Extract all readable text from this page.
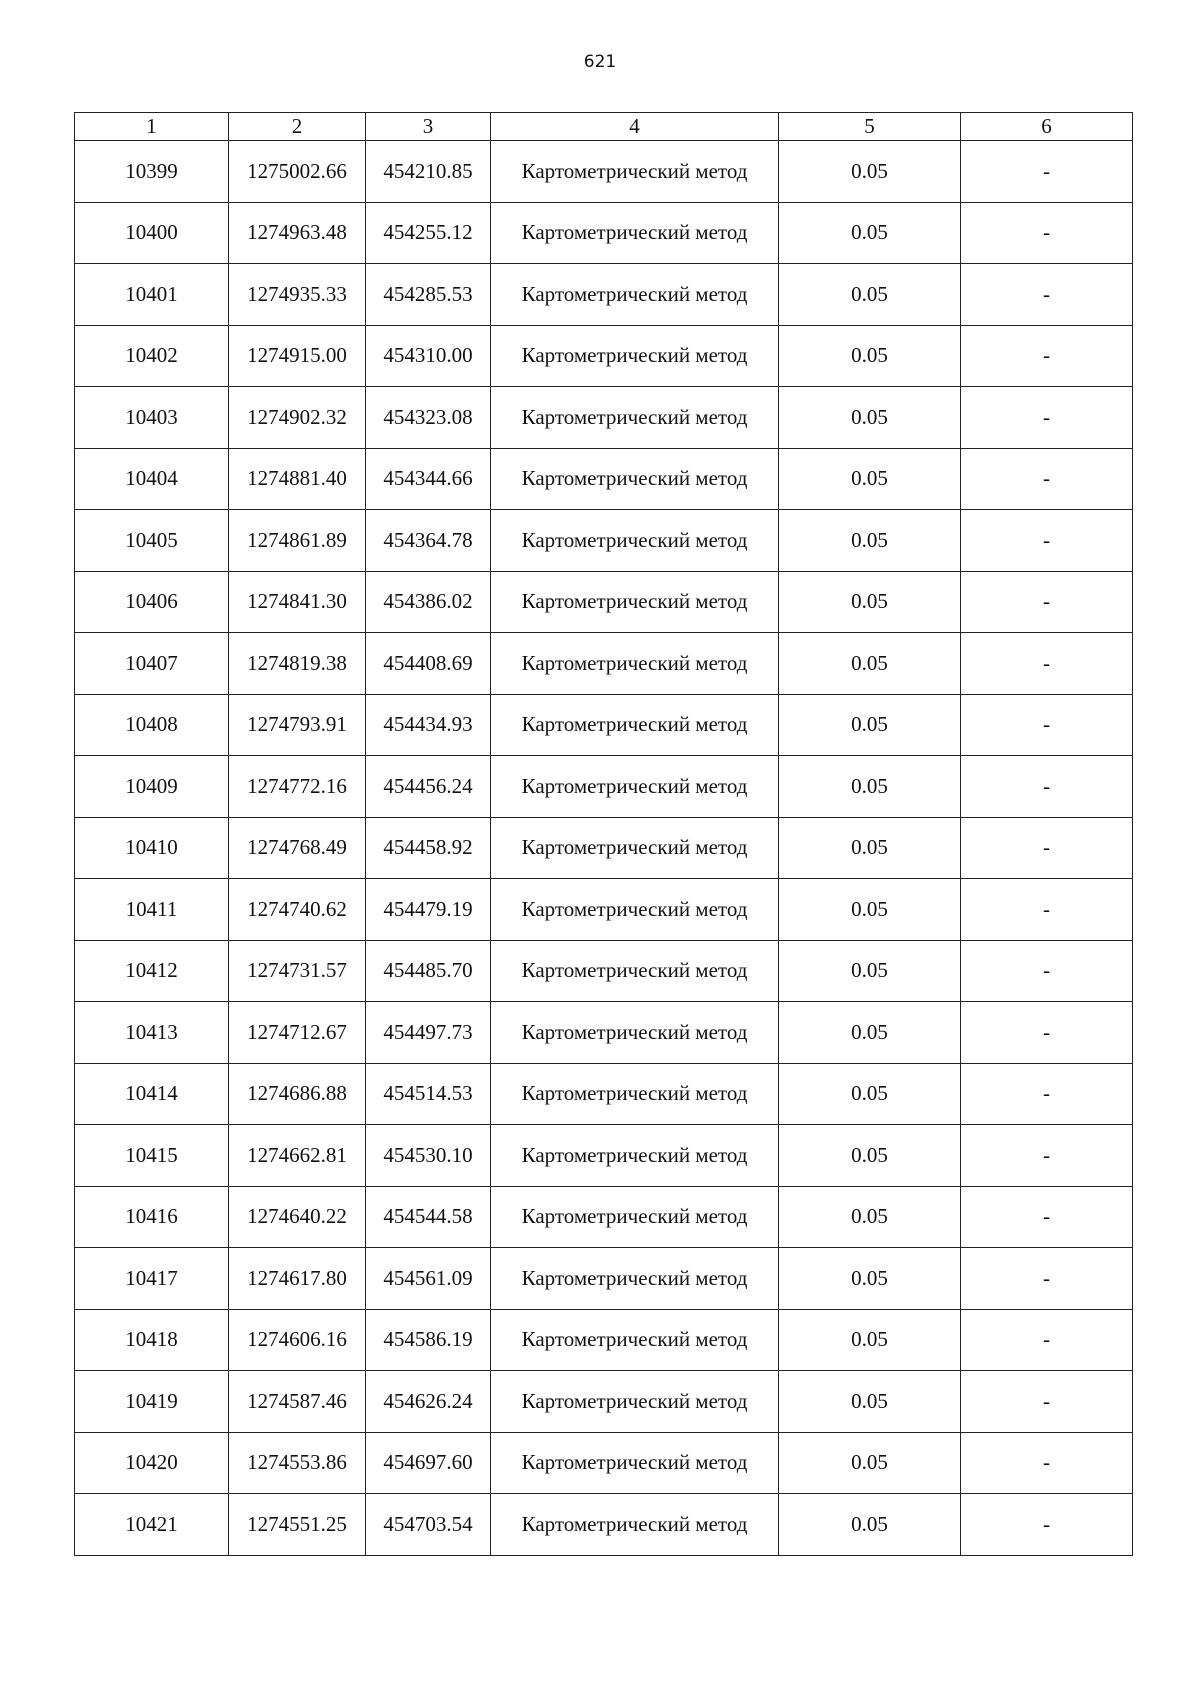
621
1	2	3	4	5	6
10399	1275002.66	454210.85	Картометрический метод	0.05	-
10400	1274963.48	454255.12	Картометрический метод	0.05	-
10401	1274935.33	454285.53	Картометрический метод	0.05	-
10402	1274915.00	454310.00	Картометрический метод	0.05	-
10403	1274902.32	454323.08	Картометрический метод	0.05	-
10404	1274881.40	454344.66	Картометрический метод	0.05	-
10405	1274861.89	454364.78	Картометрический метод	0.05	-
10406	1274841.30	454386.02	Картометрический метод	0.05	-
10407	1274819.38	454408.69	Картометрический метод	0.05	-
10408	1274793.91	454434.93	Картометрический метод	0.05	-
10409	1274772.16	454456.24	Картометрический метод	0.05	-
10410	1274768.49	454458.92	Картометрический метод	0.05	-
10411	1274740.62	454479.19	Картометрический метод	0.05	-
10412	1274731.57	454485.70	Картометрический метод	0.05	-
10413	1274712.67	454497.73	Картометрический метод	0.05	-
10414	1274686.88	454514.53	Картометрический метод	0.05	-
10415	1274662.81	454530.10	Картометрический метод	0.05	-
10416	1274640.22	454544.58	Картометрический метод	0.05	-
10417	1274617.80	454561.09	Картометрический метод	0.05	-
10418	1274606.16	454586.19	Картометрический метод	0.05	-
10419	1274587.46	454626.24	Картометрический метод	0.05	-
10420	1274553.86	454697.60	Картометрический метод	0.05	-
10421	1274551.25	454703.54	Картометрический метод	0.05	-
